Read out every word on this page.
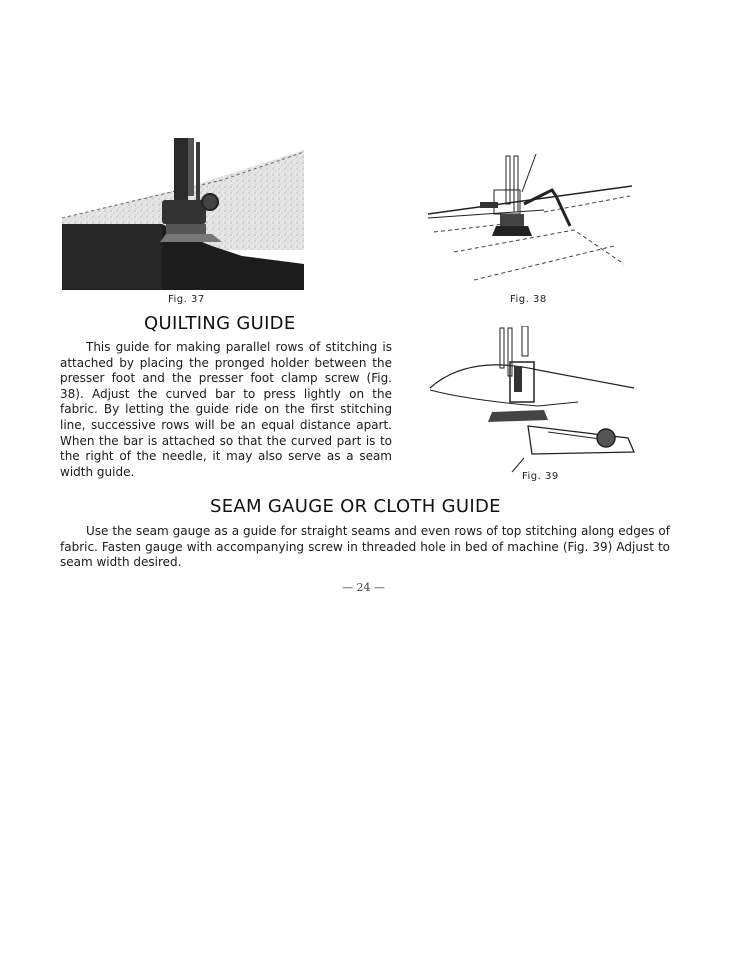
Fig. 37	Fig. 38
QUILTING GUIDE

This guide for making parallel rows of stitching is attached by placing the pronged holder between the presser foot and the presser foot clamp screw (Fig. 38). Adjust the curved bar to press lightly on the fabric. By letting the guide ride on the first stitching line, successive rows will be an equal distance apart. When the bar is attached so that the curved part is to the right of the needle, it may also serve as a seam width guide.	Fig. 39
SEAM GAUGE OR CLOTH GUIDE

Use the seam gauge as a guide for straight seams and even rows of top stitching along edges of fabric. Fasten gauge with accompanying screw in threaded hole in bed of machine (Fig. 39) Adjust to seam width desired.

— 24 —
